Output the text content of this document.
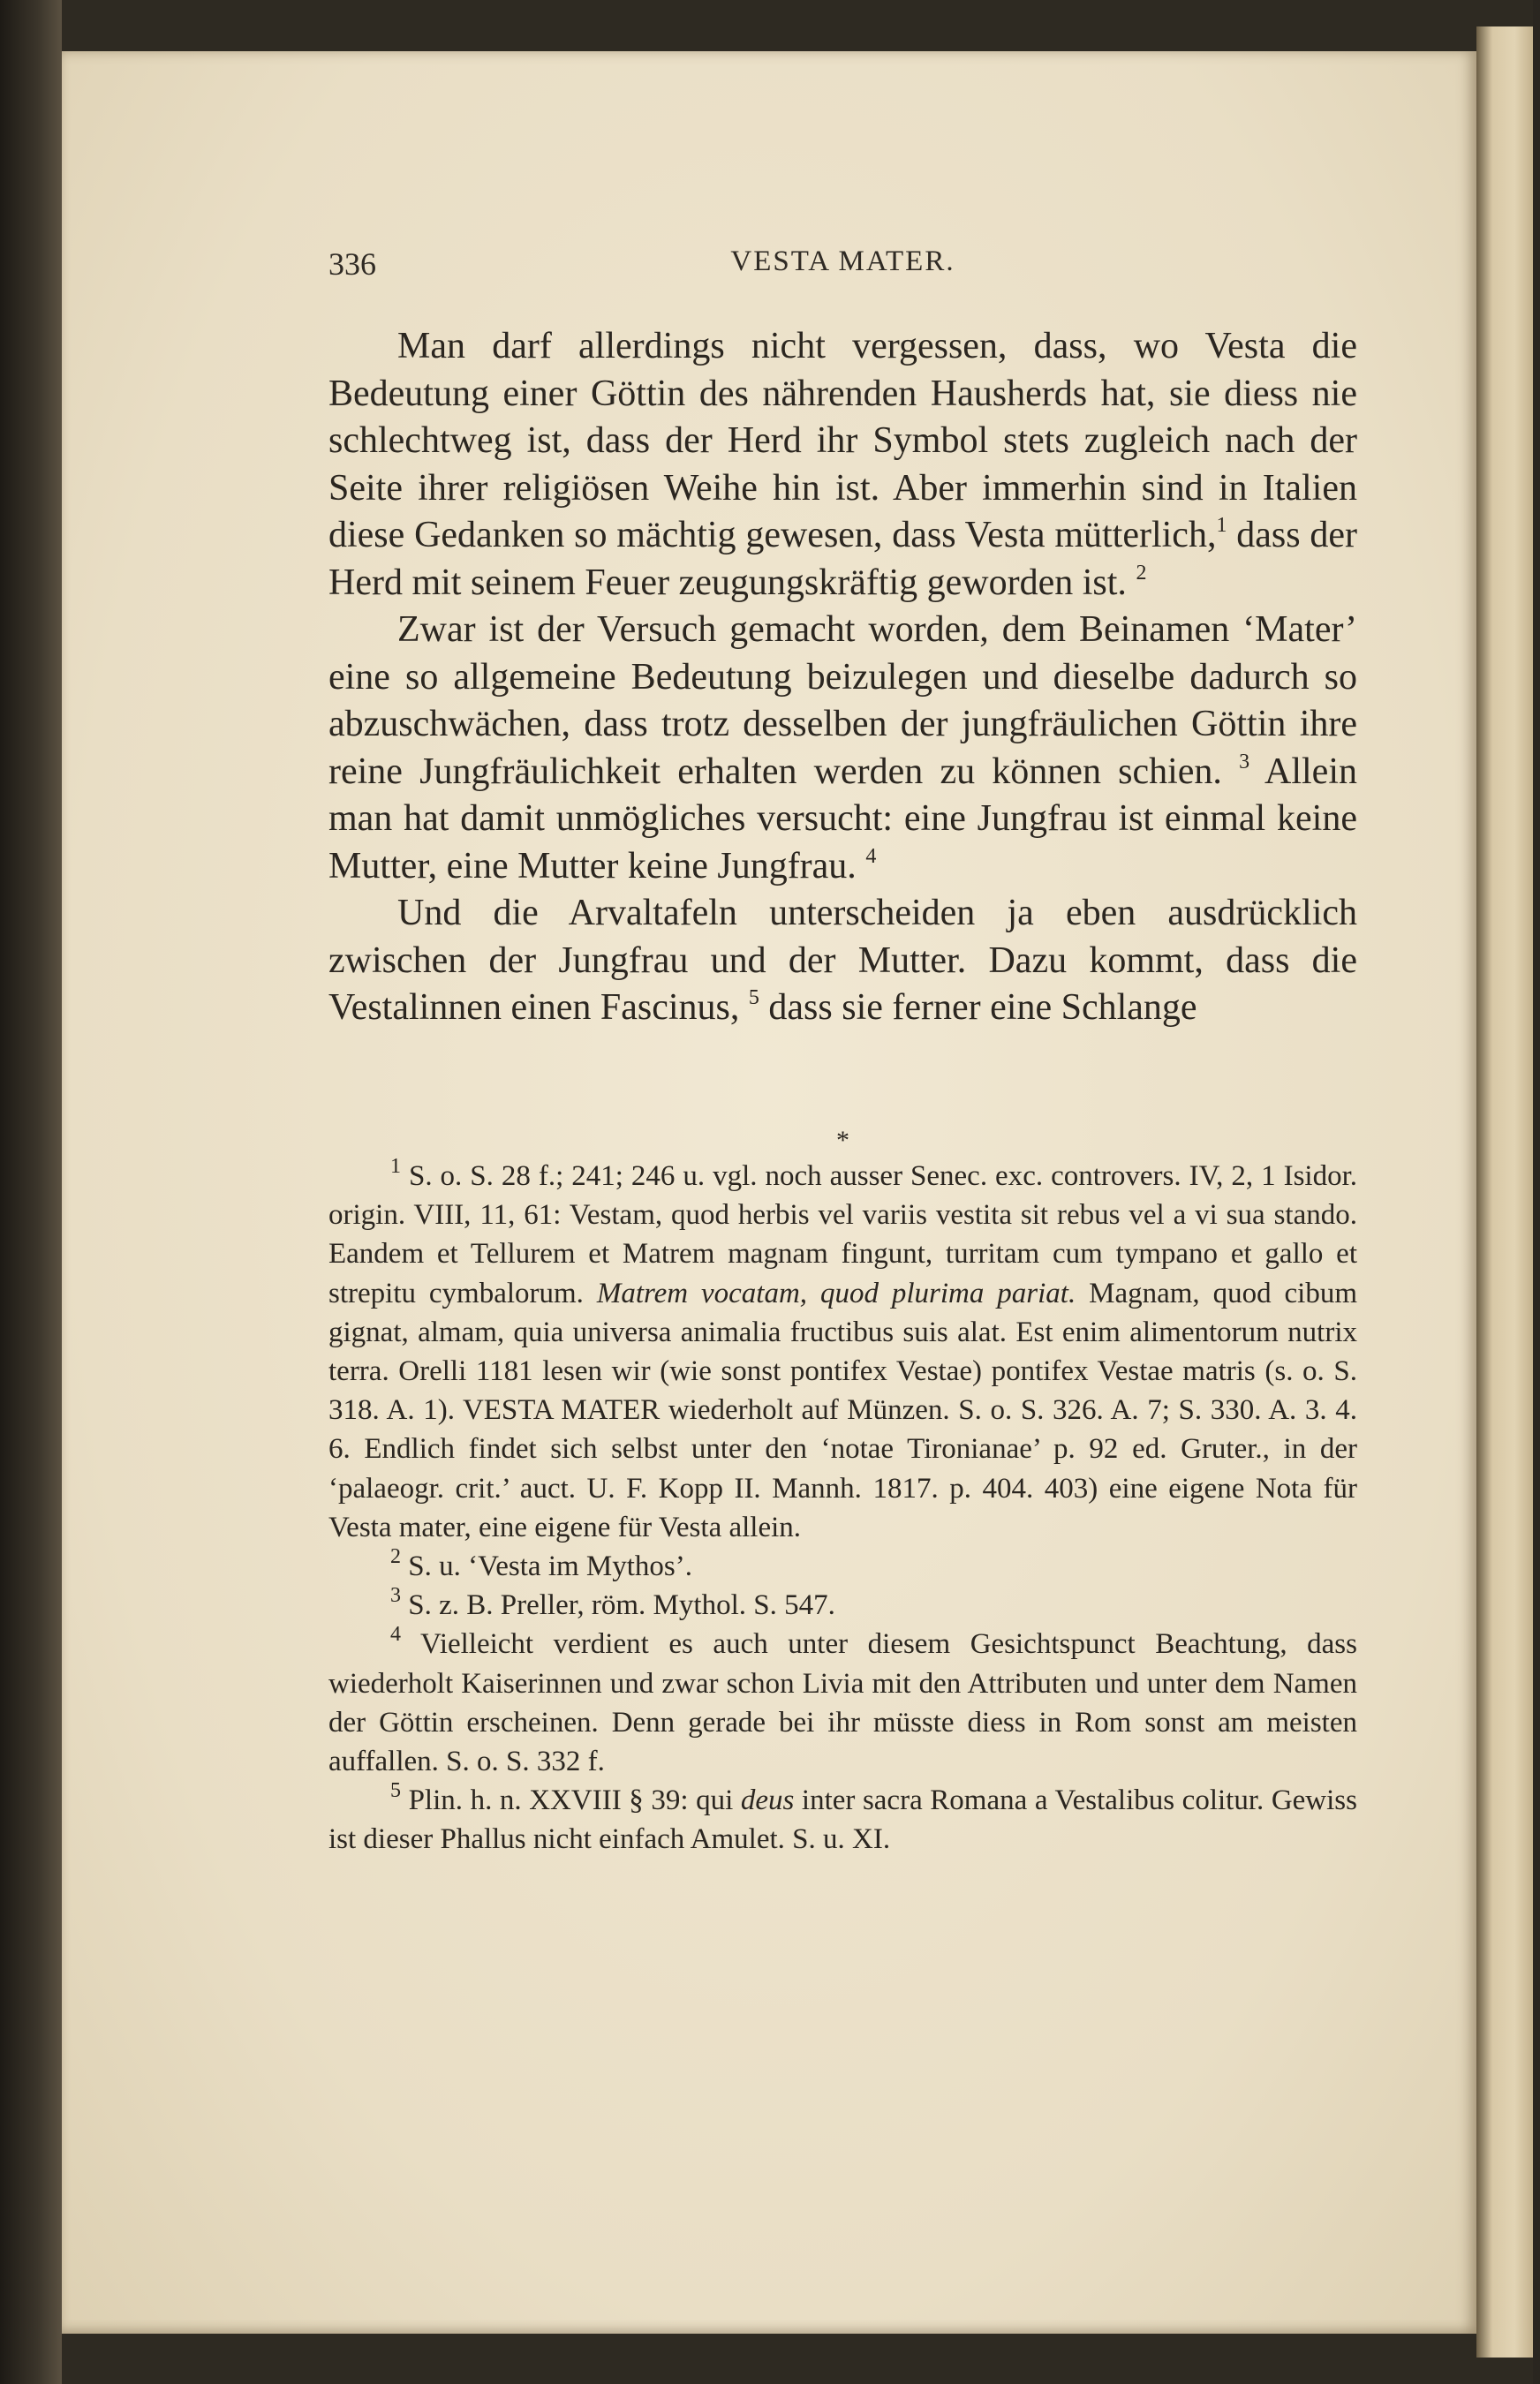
336	VESTA MATER.

Man darf allerdings nicht vergessen, dass, wo Vesta die Bedeutung einer Göttin des nährenden Hausherds hat, sie diess nie schlechtweg ist, dass der Herd ihr Symbol stets zugleich nach der Seite ihrer religiösen Weihe hin ist. Aber immerhin sind in Italien diese Gedanken so mächtig gewesen, dass Vesta mütterlich,$^1$ dass der Herd mit seinem Feuer zeugungskräftig geworden ist. $^2$

Zwar ist der Versuch gemacht worden, dem Beinamen ‘Mater’ eine so allgemeine Bedeutung beizulegen und dieselbe dadurch so abzuschwächen, dass trotz desselben der jungfräulichen Göttin ihre reine Jungfräulichkeit erhalten werden zu können schien. $^3$ Allein man hat damit unmögliches versucht: eine Jungfrau ist einmal keine Mutter, eine Mutter keine Jungfrau. $^4$

Und die Arvaltafeln unterscheiden ja eben ausdrücklich zwischen der Jungfrau und der Mutter. Dazu kommt, dass die Vestalinnen einen Fascinus, $^5$ dass sie ferner eine Schlange

*

$^1$ S. o. S. 28 f.; 241; 246 u. vgl. noch ausser Senec. exc. controvers. IV, 2, 1 Isidor. origin. VIII, 11, 61: Vestam, quod herbis vel variis vestita sit rebus vel a vi sua stando. Eandem et Tellurem et Matrem magnam fingunt, turritam cum tympano et gallo et strepitu cymbalorum. Matrem vocatam, quod plurima pariat. Magnam, quod cibum gignat, almam, quia universa animalia fructibus suis alat. Est enim alimentorum nutrix terra. Orelli 1181 lesen wir (wie sonst pontifex Vestae) pontifex Vestae matris (s. o. S. 318. A. 1). VESTA MATER wiederholt auf Münzen. S. o. S. 326. A. 7; S. 330. A. 3. 4. 6. Endlich findet sich selbst unter den ‘notae Tironianae’ p. 92 ed. Gruter., in der ‘palaeogr. crit.’ auct. U. F. Kopp II. Mannh. 1817. p. 404. 403) eine eigene Nota für Vesta mater, eine eigene für Vesta allein.

$^2$ S. u. ‘Vesta im Mythos’.

$^3$ S. z. B. Preller, röm. Mythol. S. 547.

$^4$ Vielleicht verdient es auch unter diesem Gesichtspunct Beachtung, dass wiederholt Kaiserinnen und zwar schon Livia mit den Attributen und unter dem Namen der Göttin erscheinen. Denn gerade bei ihr müsste diess in Rom sonst am meisten auffallen. S. o. S. 332 f.

$^5$ Plin. h. n. XXVIII § 39: qui deus inter sacra Romana a Vestalibus colitur. Gewiss ist dieser Phallus nicht einfach Amulet. S. u. XI.
